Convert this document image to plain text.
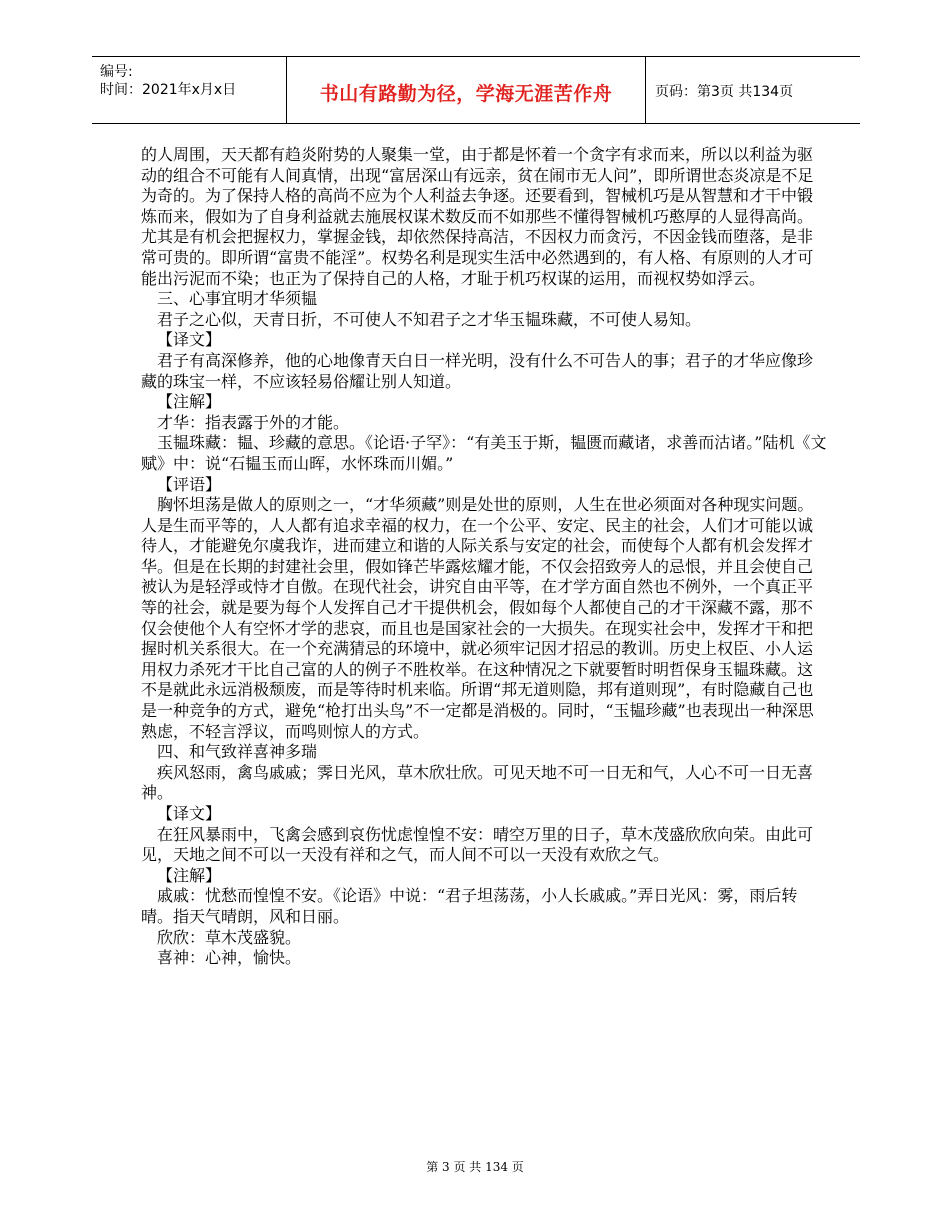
编号:
时间：2021年x月x日	书山有路勤为径，学海无涯苦作舟	页码：第3页 共134页

的人周围，天天都有趋炎附势的人聚集一堂，由于都是怀着一个贪字有求而来，所以以利益为驱动的组合不可能有人间真情，出现“富居深山有远亲，贫在闹市无人问”，即所谓世态炎凉是不足为奇的。为了保持人格的高尚不应为个人利益去争逐。还要看到，智械机巧是从智慧和才干中锻炼而来，假如为了自身利益就去施展权谋术数反而不如那些不懂得智械机巧憨厚的人显得高尚。尤其是有机会把握权力，掌握金钱，却依然保持高洁，不因权力而贪污，不因金钱而堕落，是非常可贵的。即所谓“富贵不能淫”。权势名利是现实生活中必然遇到的，有人格、有原则的人才可能出污泥而不染；也正为了保持自己的人格，才耻于机巧权谋的运用，而视权势如浮云。

三、心事宜明才华须韫

君子之心似，天青日折，不可使人不知君子之才华玉韫珠藏，不可使人易知。

【译文】

君子有高深修养，他的心地像青天白日一样光明，没有什么不可告人的事；君子的才华应像珍藏的珠宝一样，不应该轻易俗耀让别人知道。

【注解】

才华：指表露于外的才能。

玉韫珠藏：韫、珍藏的意思。《论语·子罕》：“有美玉于斯，韫匮而藏诸，求善而沽诸。”陆机《文赋》中：说“石韫玉而山晖，水怀珠而川媚。”

【评语】

胸怀坦荡是做人的原则之一，“才华须藏”则是处世的原则，人生在世必须面对各种现实问题。人是生而平等的，人人都有追求幸福的权力，在一个公平、安定、民主的社会，人们才可能以诚待人，才能避免尔虞我诈，进而建立和谐的人际关系与安定的社会，而使每个人都有机会发挥才华。但是在长期的封建社会里，假如锋芒毕露炫耀才能，不仅会招致旁人的忌恨，并且会使自己被认为是轻浮或恃才自傲。在现代社会，讲究自由平等，在才学方面自然也不例外，一个真正平等的社会，就是要为每个人发挥自己才干提供机会，假如每个人都使自己的才干深藏不露，那不仅会使他个人有空怀才学的悲哀，而且也是国家社会的一大损失。在现实社会中，发挥才干和把握时机关系很大。在一个充满猜忌的环境中，就必须牢记因才招忌的教训。历史上权臣、小人运用权力杀死才干比自己富的人的例子不胜枚举。在这种情况之下就要暂时明哲保身玉韫珠藏。这不是就此永远消极颓废，而是等待时机来临。所谓“邦无道则隐，邦有道则现”，有时隐藏自己也是一种竞争的方式，避免“枪打出头鸟”不一定都是消极的。同时，“玉韫珍藏”也表现出一种深思熟虑，不轻言浮议，而鸣则惊人的方式。

四、和气致祥喜神多瑞

疾风怒雨，禽鸟戚戚；霁日光风，草木欣壮欣。可见天地不可一日无和气，人心不可一日无喜神。

【译文】

在狂风暴雨中，飞禽会感到哀伤忧虑惶惶不安：晴空万里的日子，草木茂盛欣欣向荣。由此可见，天地之间不可以一天没有祥和之气，而人间不可以一天没有欢欣之气。

【注解】

戚戚：忧愁而惶惶不安。《论语》中说：“君子坦荡荡，小人长戚戚。”弄日光风：雾，雨后转晴。指天气晴朗，风和日丽。

欣欣：草木茂盛貌。

喜神：心神，愉快。

第 3 页 共 134 页
